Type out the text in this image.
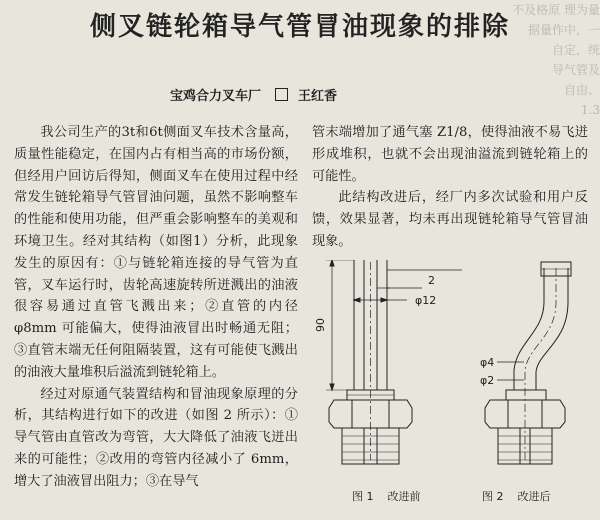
不及格原 理为量
据量作中，一
自定，统
导气管及
自由、
1.3
侧叉链轮箱导气管冒油现象的排除
宝鸡合力叉车厂	王红香

我公司生产的3t和6t侧面叉车技术含量高，质量性能稳定，在国内占有相当高的市场份额，但经用户回访后得知，侧面叉车在使用过程中经常发生链轮箱导气管冒油问题，虽然不影响整车的性能和使用功能，但严重会影响整车的美观和环境卫生。经对其结构（如图1）分析，此现象发生的原因有：①与链轮箱连接的导气管为直管，叉车运行时，齿轮高速旋转所迸溅出的油液很容易通过直管飞溅出来；②直管的内径 φ8mm 可能偏大，使得油液冒出时畅通无阻；③直管末端无任何阻隔装置，这有可能使飞溅出的油液大量堆积后溢流到链轮箱上。

经过对原通气装置结构和冒油现象原理的分析，其结构进行如下的改进（如图 2 所示）：①导气管由直管改为弯管，大大降低了油液飞迸出来的可能性；②改用的弯管内径减小了 6mm，增大了油液冒出阻力；③在导气

管末端增加了通气塞 Z1/8，使得油液不易飞迸形成堆积，也就不会出现油溢流到链轮箱上的可能性。

此结构改进后，经厂内多次试验和用户反馈，效果显著，均未再出现链轮箱导气管冒油现象。

2
φ12
90
φ4
φ2
图 1 改进前	图 2 改进后
